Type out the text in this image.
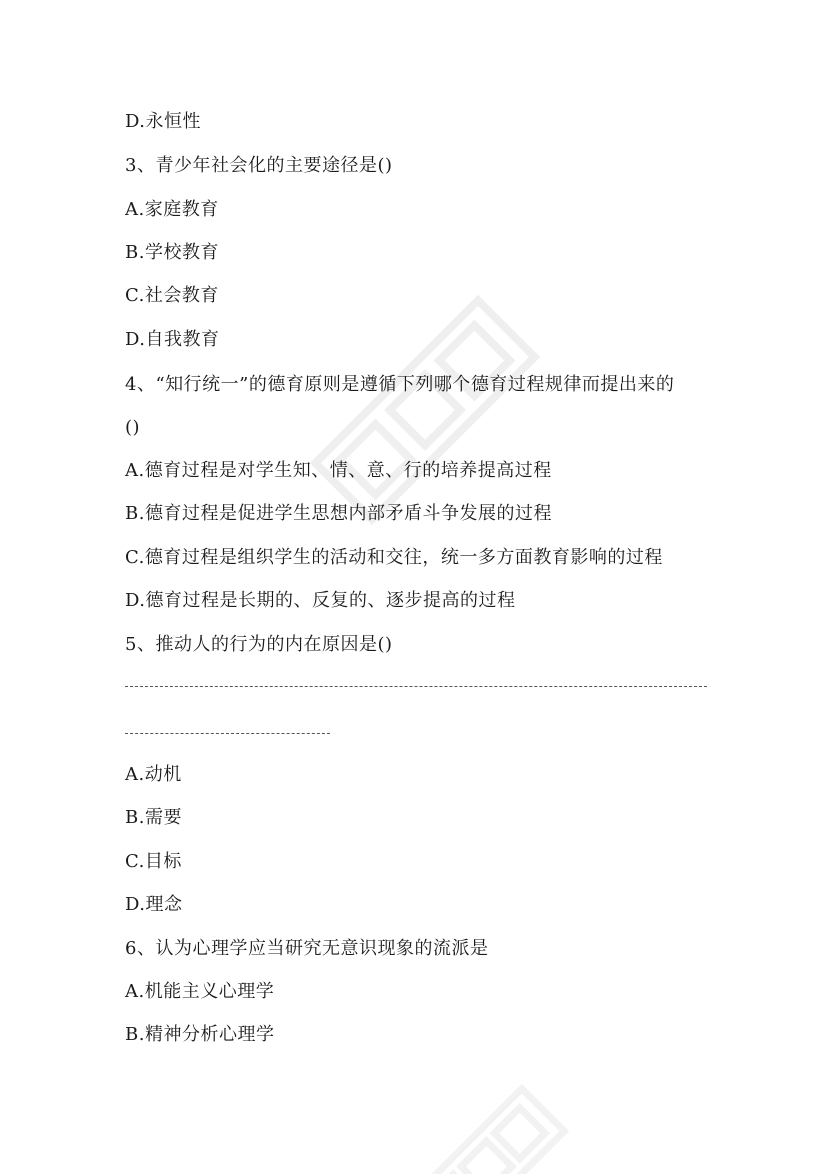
D.永恒性
3、青少年社会化的主要途径是()
A.家庭教育
B.学校教育
C.社会教育
D.自我教育
4、“知行统一”的德育原则是遵循下列哪个德育过程规律而提出来的
()
A.德育过程是对学生知、情、意、行的培养提高过程
B.德育过程是促进学生思想内部矛盾斗争发展的过程
C.德育过程是组织学生的活动和交往，统一多方面教育影响的过程
D.德育过程是长期的、反复的、逐步提高的过程
5、推动人的行为的内在原因是()
A.动机
B.需要
C.目标
D.理念
6、认为心理学应当研究无意识现象的流派是
A.机能主义心理学
B.精神分析心理学
